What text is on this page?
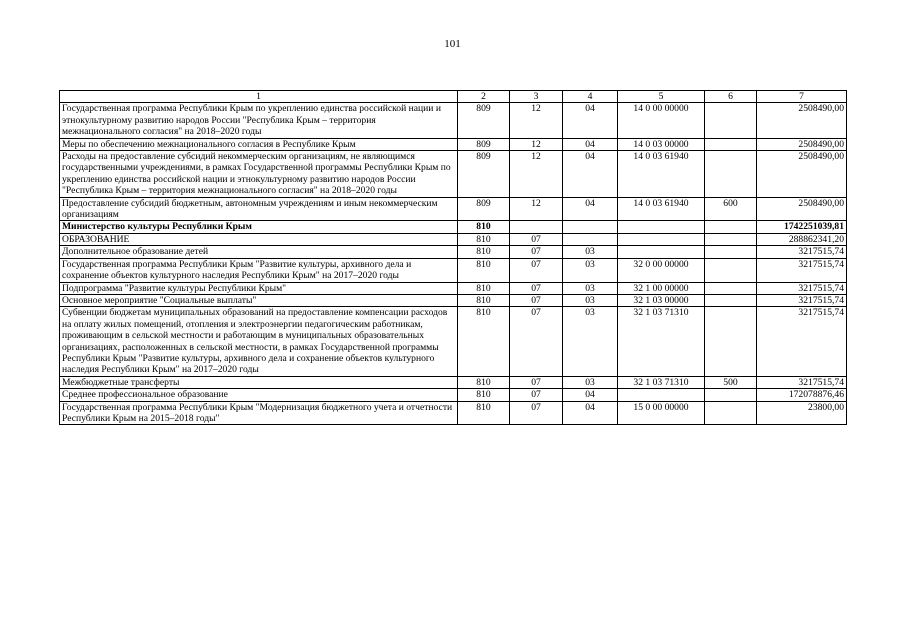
101
1	2	3	4	5	6	7
Государственная программа Республики Крым по укреплению единства российской нации и этнокультурному развитию народов России "Республика Крым – территория межнационального согласия" на 2018–2020 годы	809	12	04	14 0 00 00000		2508490,00
Меры по обеспечению межнационального согласия в Республике Крым	809	12	04	14 0 03 00000		2508490,00
Расходы на предоставление субсидий некоммерческим организациям, не являющимся государственными учреждениями, в рамках Государственной программы Республики Крым по укреплению единства российской нации и этнокультурному развитию народов России "Республика Крым – территория межнационального согласия" на 2018–2020 годы	809	12	04	14 0 03 61940		2508490,00
Предоставление субсидий бюджетным, автономным учреждениям и иным некоммерческим организациям	809	12	04	14 0 03 61940	600	2508490,00
Министерство культуры Республики Крым	810					1742251039,81
ОБРАЗОВАНИЕ	810	07				288862341,20
Дополнительное образование детей	810	07	03			3217515,74
Государственная программа Республики Крым "Развитие культуры, архивного дела и сохранение объектов культурного наследия Республики Крым" на 2017–2020 годы	810	07	03	32 0 00 00000		3217515,74
Подпрограмма "Развитие культуры Республики Крым"	810	07	03	32 1 00 00000		3217515,74
Основное мероприятие "Социальные выплаты"	810	07	03	32 1 03 00000		3217515,74
Субвенции бюджетам муниципальных образований на предоставление компенсации расходов на оплату жилых помещений, отопления и электроэнергии педагогическим работникам, проживающим в сельской местности и работающим в муниципальных образовательных организациях, расположенных в сельской местности, в рамках Государственной программы Республики Крым "Развитие культуры, архивного дела и сохранение объектов культурного наследия Республики Крым" на 2017–2020 годы	810	07	03	32 1 03 71310		3217515,74
Межбюджетные трансферты	810	07	03	32 1 03 71310	500	3217515,74
Среднее профессиональное образование	810	07	04			172078876,46
Государственная программа Республики Крым "Модернизация бюджетного учета и отчетности Республики Крым на 2015–2018 годы"	810	07	04	15 0 00 00000		23800,00
